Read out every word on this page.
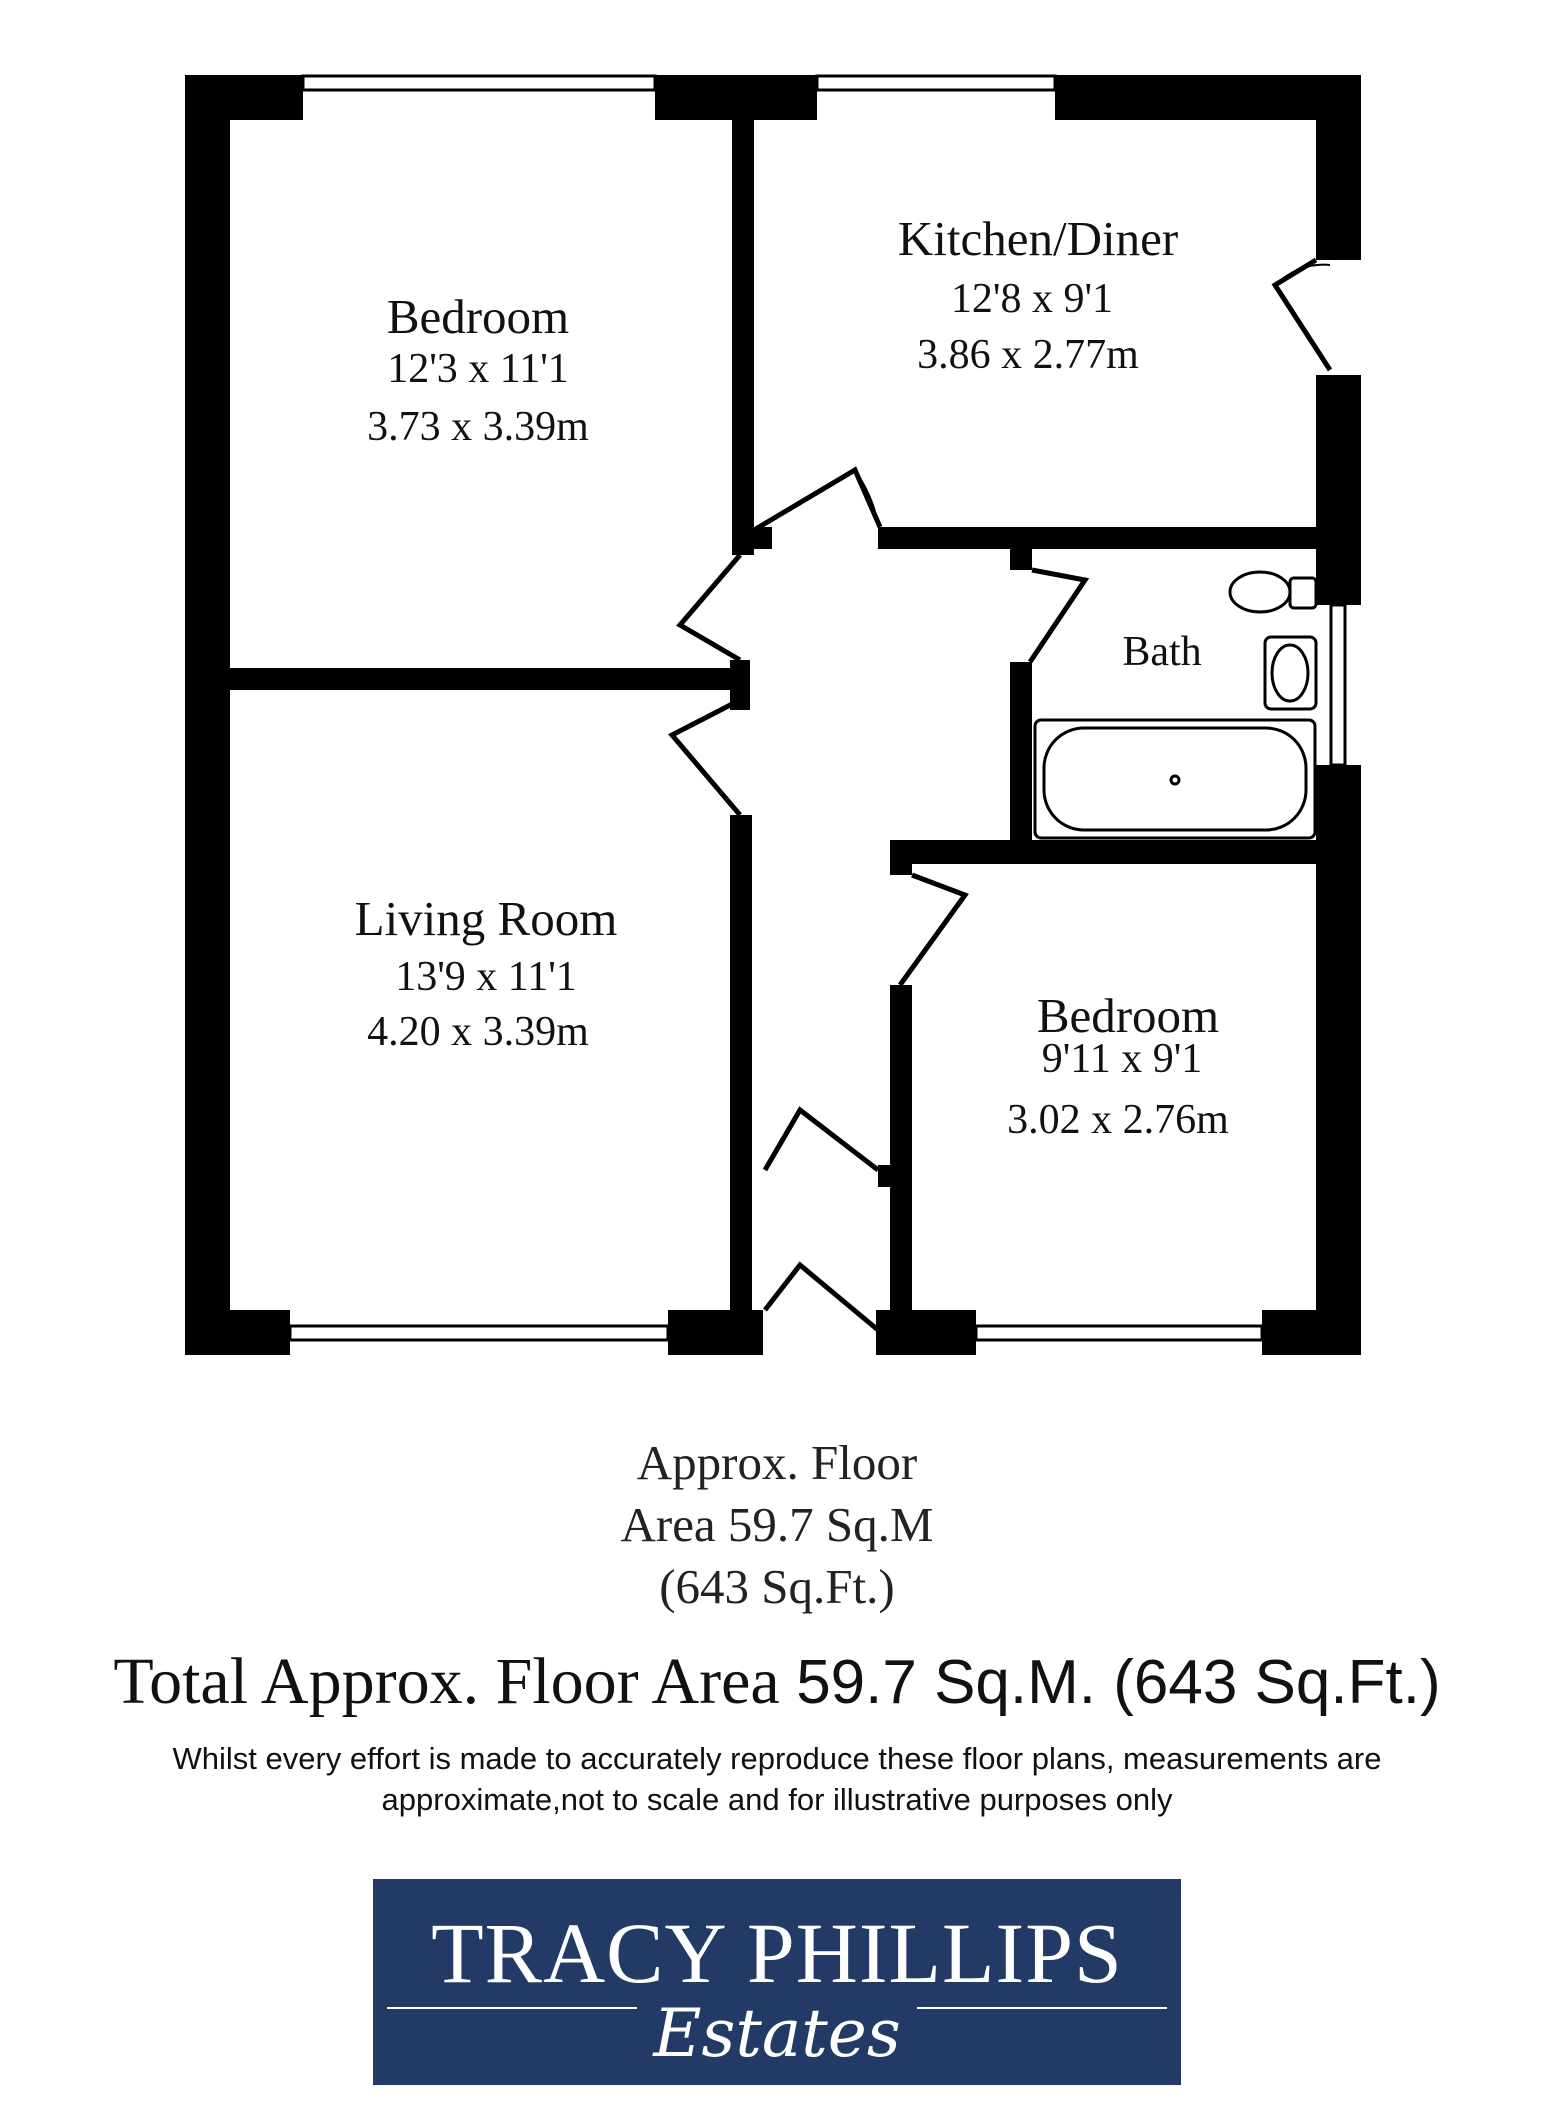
Bedroom
12'3 x 11'1
3.73 x 3.39m
Kitchen/Diner
12'8 x 9'1
3.86 x 2.77m
Bath
Living Room
13'9 x 11'1
4.20 x 3.39m	Bedroom
9'11 x 9'1
3.02 x 2.76m
Approx. Floor
Area 59.7 Sq.M
(643 Sq.Ft.)
Total Approx. Floor Area 59.7 Sq.M. (643 Sq.Ft.)
Whilst every effort is made to accurately reproduce these floor plans, measurements are
approximate,not to scale and for illustrative purposes only
TRACY PHILLIPS
Estates
